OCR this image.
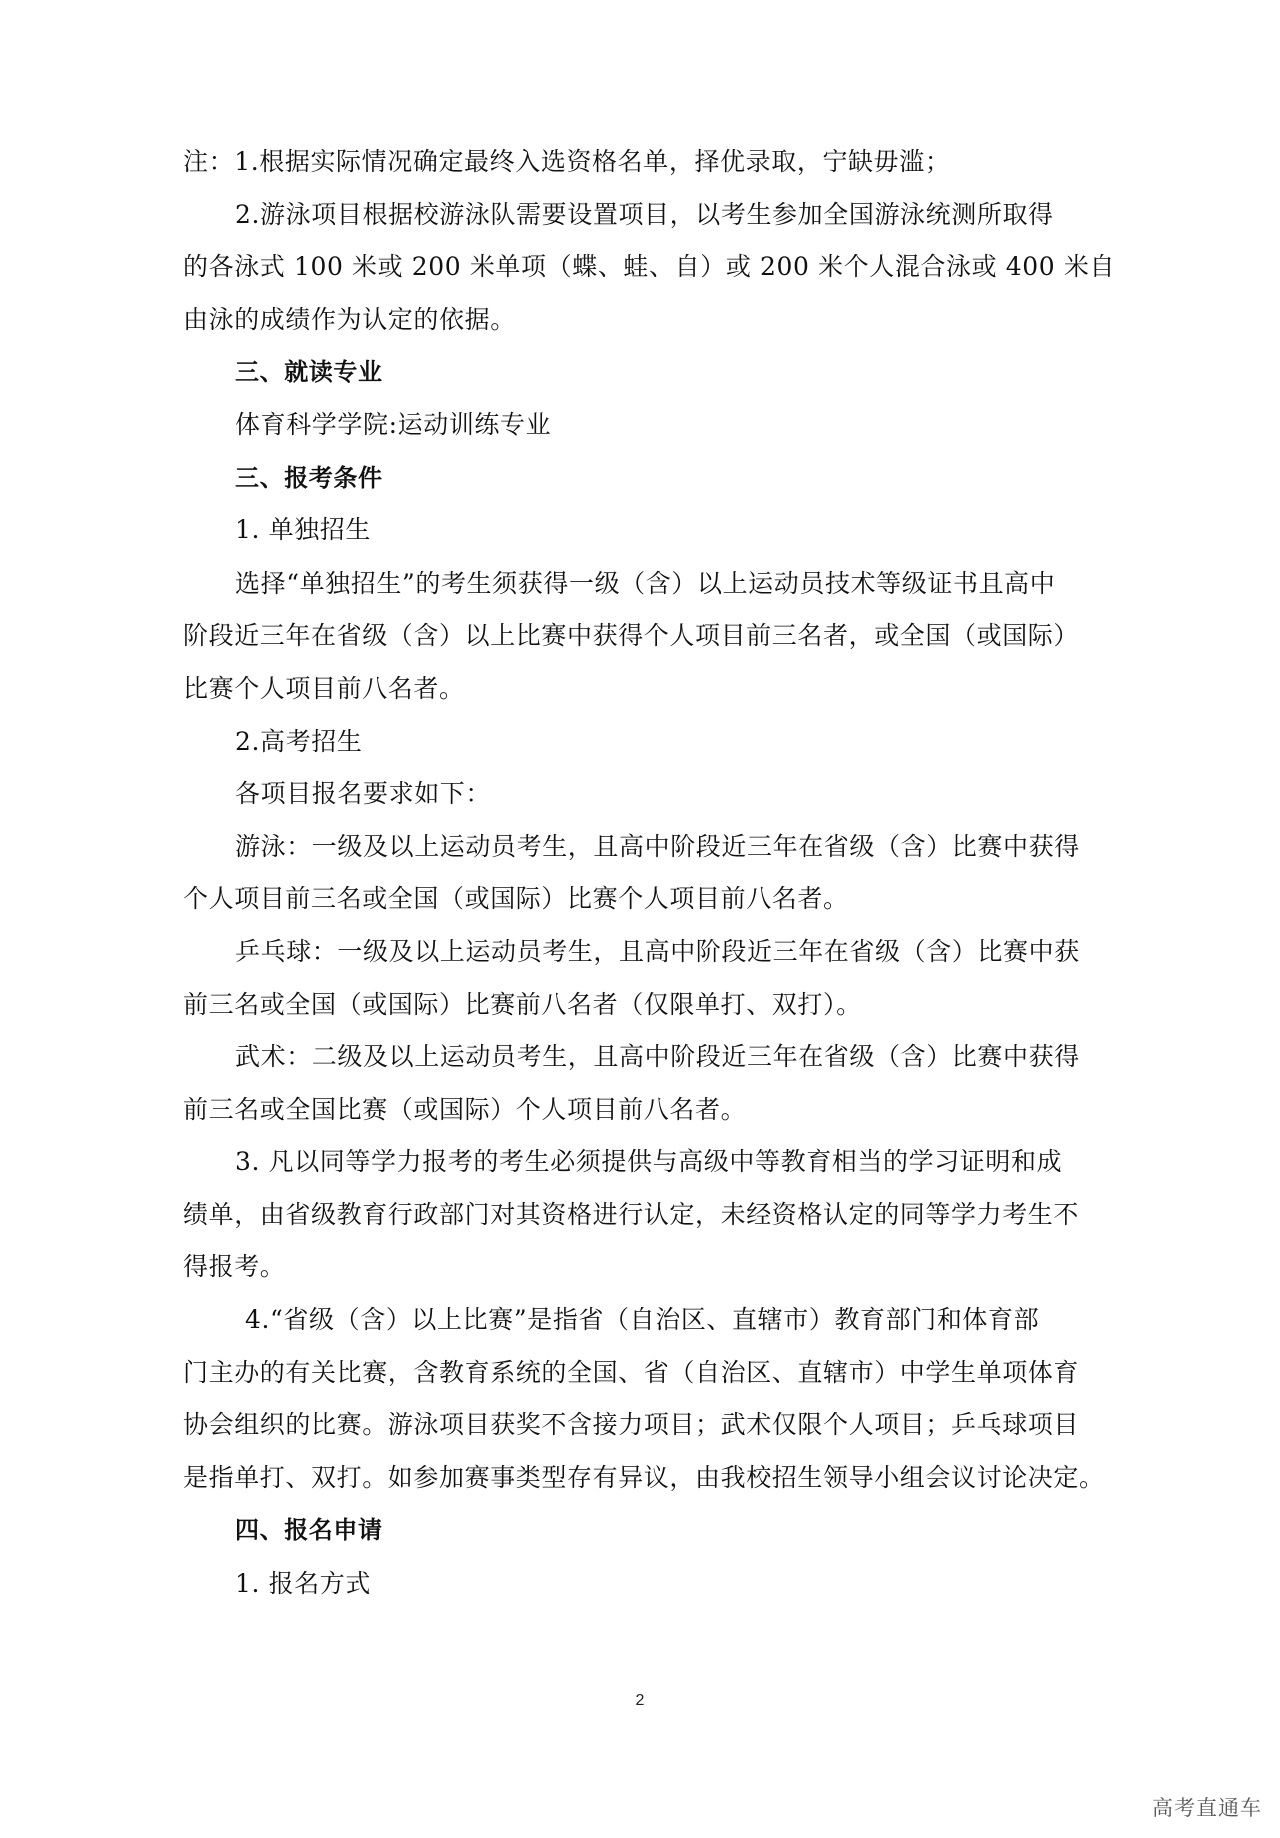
注：1.根据实际情况确定最终入选资格名单，择优录取，宁缺毋滥；
2.游泳项目根据校游泳队需要设置项目，以考生参加全国游泳统测所取得
的各泳式 100 米或 200 米单项（蝶、蛙、自）或 200 米个人混合泳或 400 米自
由泳的成绩作为认定的依据。
三、就读专业
体育科学学院:运动训练专业
三、报考条件
1. 单独招生
选择“单独招生”的考生须获得一级（含）以上运动员技术等级证书且高中
阶段近三年在省级（含）以上比赛中获得个人项目前三名者，或全国（或国际）
比赛个人项目前八名者。
2.高考招生
各项目报名要求如下：
游泳：一级及以上运动员考生，且高中阶段近三年在省级（含）比赛中获得
个人项目前三名或全国（或国际）比赛个人项目前八名者。
乒乓球：一级及以上运动员考生，且高中阶段近三年在省级（含）比赛中获
前三名或全国（或国际）比赛前八名者（仅限单打、双打）。
武术：二级及以上运动员考生，且高中阶段近三年在省级（含）比赛中获得
前三名或全国比赛（或国际）个人项目前八名者。
3. 凡以同等学力报考的考生必须提供与高级中等教育相当的学习证明和成
绩单，由省级教育行政部门对其资格进行认定，未经资格认定的同等学力考生不
得报考。
4.“省级（含）以上比赛”是指省（自治区、直辖市）教育部门和体育部
门主办的有关比赛，含教育系统的全国、省（自治区、直辖市）中学生单项体育
协会组织的比赛。游泳项目获奖不含接力项目；武术仅限个人项目；乒乓球项目
是指单打、双打。如参加赛事类型存有异议，由我校招生领导小组会议讨论决定。
四、报名申请
1. 报名方式
2
高考直通车
